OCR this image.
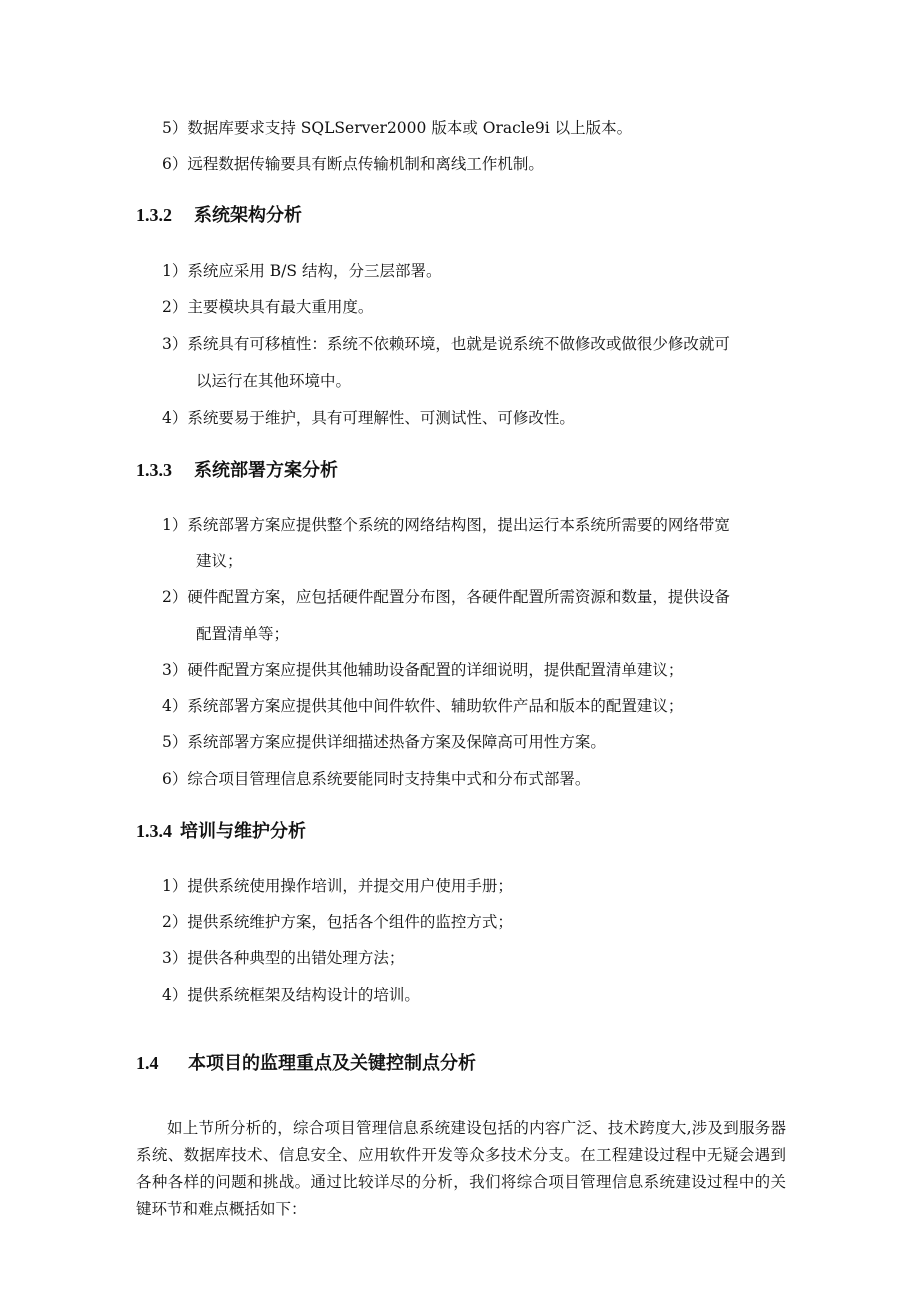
5）数据库要求支持 SQLServer2000 版本或 Oracle9i 以上版本。
6）远程数据传输要具有断点传输机制和离线工作机制。
1.3.2 系统架构分析
1）系统应采用 B/S 结构，分三层部署。
2）主要模块具有最大重用度。
3）系统具有可移植性：系统不依赖环境，也就是说系统不做修改或做很少修改就可
以运行在其他环境中。
4）系统要易于维护，具有可理解性、可测试性、可修改性。
1.3.3 系统部署方案分析
1）系统部署方案应提供整个系统的网络结构图，提出运行本系统所需要的网络带宽
建议；
2）硬件配置方案，应包括硬件配置分布图，各硬件配置所需资源和数量，提供设备
配置清单等；
3）硬件配置方案应提供其他辅助设备配置的详细说明，提供配置清单建议；
4）系统部署方案应提供其他中间件软件、辅助软件产品和版本的配置建议；
5）系统部署方案应提供详细描述热备方案及保障高可用性方案。
6）综合项目管理信息系统要能同时支持集中式和分布式部署。
1.3.4 培训与维护分析
1）提供系统使用操作培训，并提交用户使用手册；
2）提供系统维护方案，包括各个组件的监控方式；
3）提供各种典型的出错处理方法；
4）提供系统框架及结构设计的培训。
1.4 本项目的监理重点及关键控制点分析
如上节所分析的，综合项目管理信息系统建设包括的内容广泛、技术跨度大,涉及到服务器系统、数据库技术、信息安全、应用软件开发等众多技术分支。在工程建设过程中无疑会遇到各种各样的问题和挑战。通过比较详尽的分析，我们将综合项目管理信息系统建设过程中的关键环节和难点概括如下：
